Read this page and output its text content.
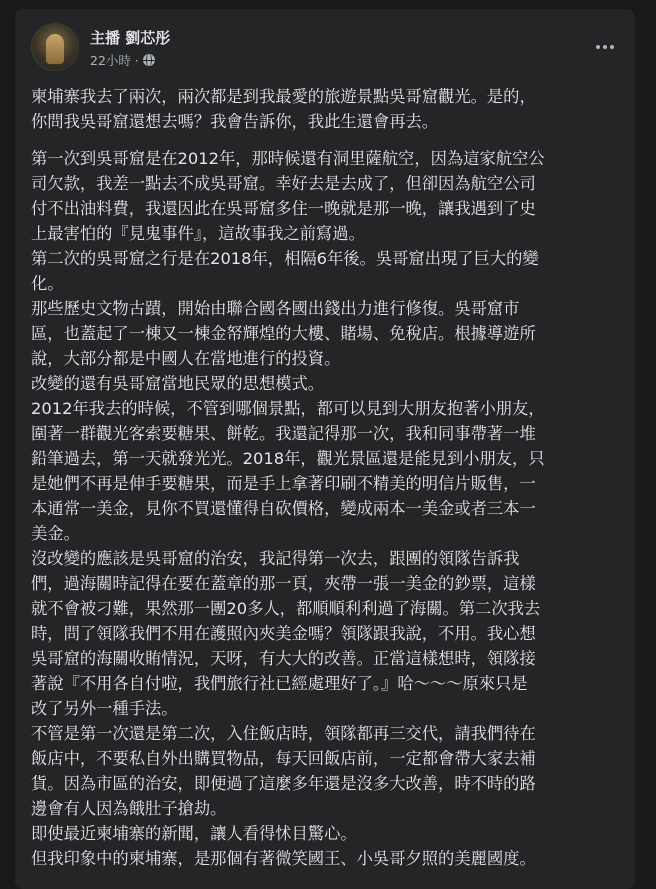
主播 劉芯彤
22小時 ·

柬埔寨我去了兩次，兩次都是到我最愛的旅遊景點吳哥窟觀光。是的，
你問我吳哥窟還想去嗎？我會告訴你，我此生還會再去。

第一次到吳哥窟是在2012年，那時候還有洞里薩航空，因為這家航空公
司欠款，我差一點去不成吳哥窟。幸好去是去成了，但卻因為航空公司
付不出油料費，我還因此在吳哥窟多住一晚就是那一晚，讓我遇到了史
上最害怕的『見鬼事件』，這故事我之前寫過。

第二次的吳哥窟之行是在2018年，相隔6年後。吳哥窟出現了巨大的變
化。

那些歷史文物古蹟，開始由聯合國各國出錢出力進行修復。吳哥窟市
區，也蓋起了一棟又一棟金帑輝煌的大樓、賭場、免稅店。根據導遊所
說，大部分都是中國人在當地進行的投資。

改變的還有吳哥窟當地民眾的思想模式。

2012年我去的時候，不管到哪個景點，都可以見到大朋友抱著小朋友，
圍著一群觀光客索要糖果、餅乾。我還記得那一次，我和同事帶著一堆
鉛筆過去，第一天就發光光。2018年，觀光景區還是能見到小朋友，只
是她們不再是伸手要糖果，而是手上拿著印刷不精美的明信片販售，一
本通常一美金，見你不買還懂得自砍價格，變成兩本一美金或者三本一
美金。

沒改變的應該是吳哥窟的治安，我記得第一次去，跟團的領隊告訴我
們，過海關時記得在要在蓋章的那一頁，夾帶一張一美金的鈔票，這樣
就不會被刁難，果然那一團20多人，都順順利利過了海關。第二次我去
時，問了領隊我們不用在護照內夾美金嗎？領隊跟我說，不用。我心想
吳哥窟的海關收賄情況，天呀，有大大的改善。正當這樣想時，領隊接
著說『不用各自付啦，我們旅行社已經處理好了。』哈～～～原來只是
改了另外一種手法。

不管是第一次還是第二次，入住飯店時，領隊都再三交代，請我們待在
飯店中，不要私自外出購買物品，每天回飯店前，一定都會帶大家去補
貨。因為市區的治安，即便過了這麼多年還是沒多大改善，時不時的路
邊會有人因為餓肚子搶劫。

即使最近柬埔寨的新聞，讓人看得怵目驚心。

但我印象中的柬埔寨，是那個有著微笑國王、小吳哥夕照的美麗國度。
